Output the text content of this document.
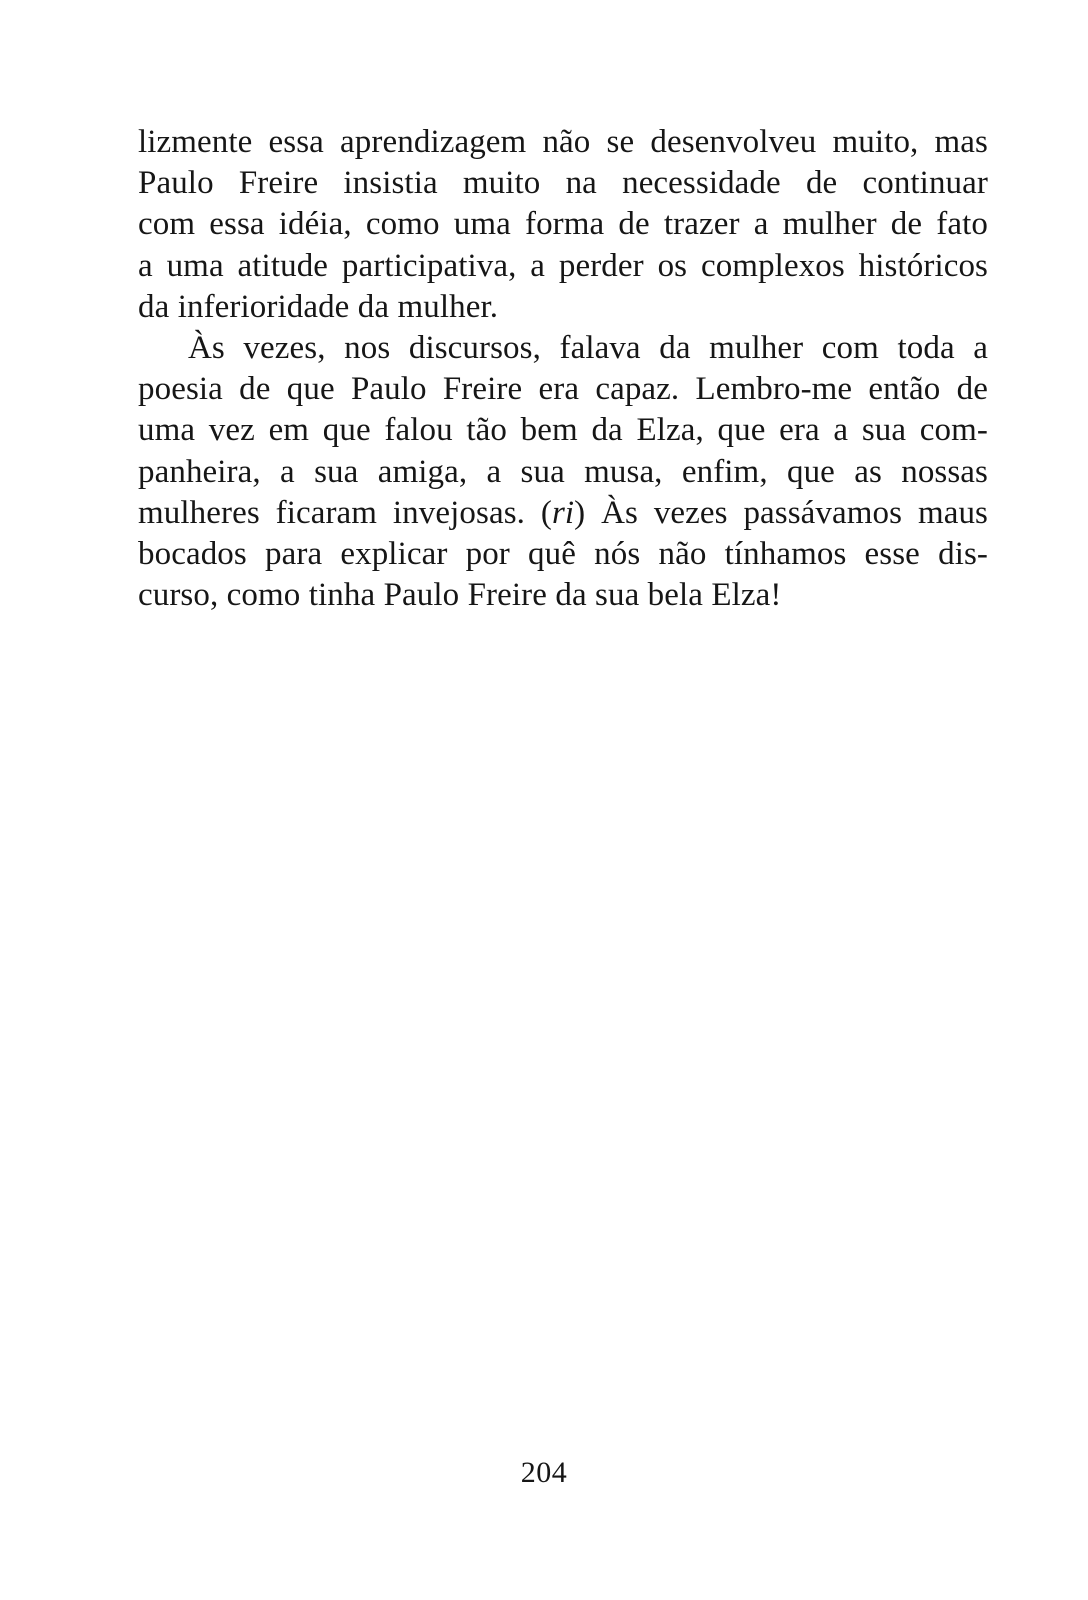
lizmente essa aprendizagem não se desenvolveu muito, mas
Paulo Freire insistia muito na necessidade de continuar
com essa idéia, como uma forma de trazer a mulher de fato
a uma atitude participativa, a perder os complexos históricos
da inferioridade da mulher.
Às vezes, nos discursos, falava da mulher com toda a
poesia de que Paulo Freire era capaz. Lembro-me então de
uma vez em que falou tão bem da Elza, que era a sua com-
panheira, a sua amiga, a sua musa, enfim, que as nossas
mulheres ficaram invejosas. (ri) Às vezes passávamos maus
bocados para explicar por quê nós não tínhamos esse dis-
curso, como tinha Paulo Freire da sua bela Elza!
204
